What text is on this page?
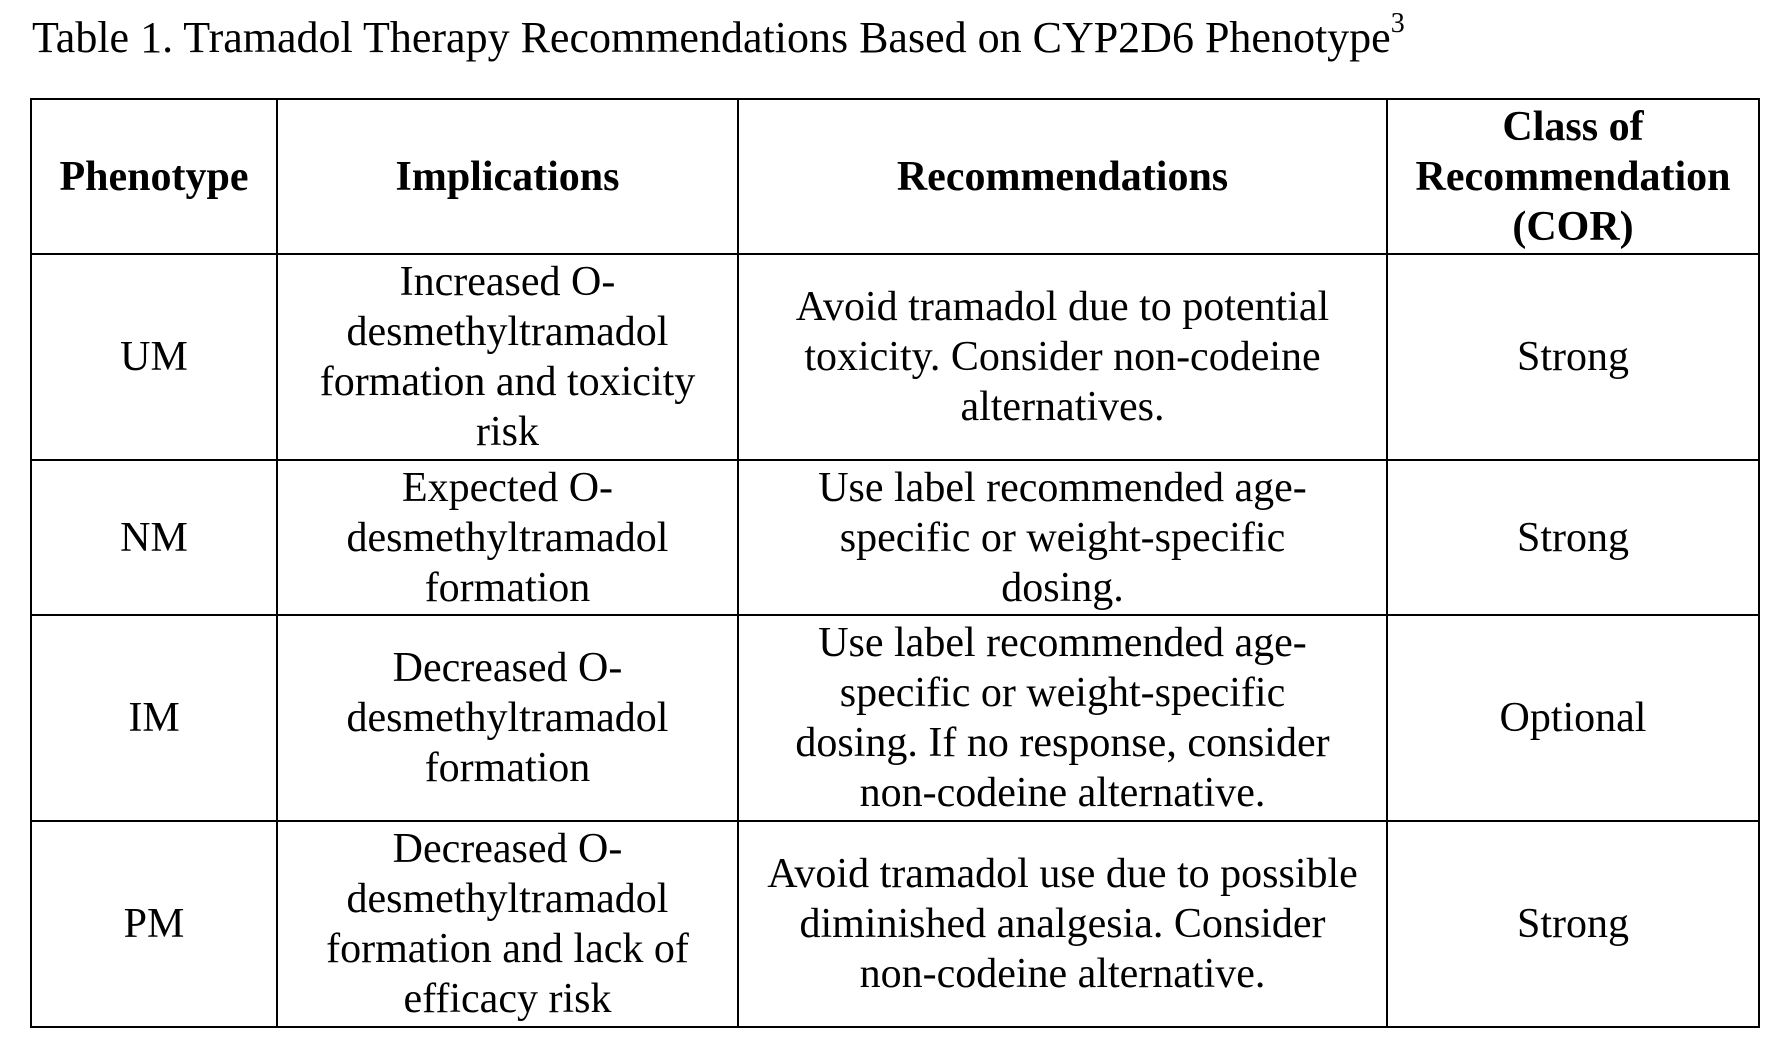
Table 1. Tramadol Therapy Recommendations Based on CYP2D6 Phenotype$^3$
Phenotype	Implications	Recommendations	Class of Recommendation (COR)
UM	Increased O-desmethyltramadol formation and toxicity risk	Avoid tramadol due to potential toxicity. Consider non-codeine alternatives.	Strong
NM	Expected O-desmethyltramadol formation	Use label recommended age-specific or weight-specific dosing.	Strong
IM	Decreased O-desmethyltramadol formation	Use label recommended age-specific or weight-specific dosing. If no response, consider non-codeine alternative.	Optional
PM	Decreased O-desmethyltramadol formation and lack of efficacy risk	Avoid tramadol use due to possible diminished analgesia. Consider non-codeine alternative.	Strong
